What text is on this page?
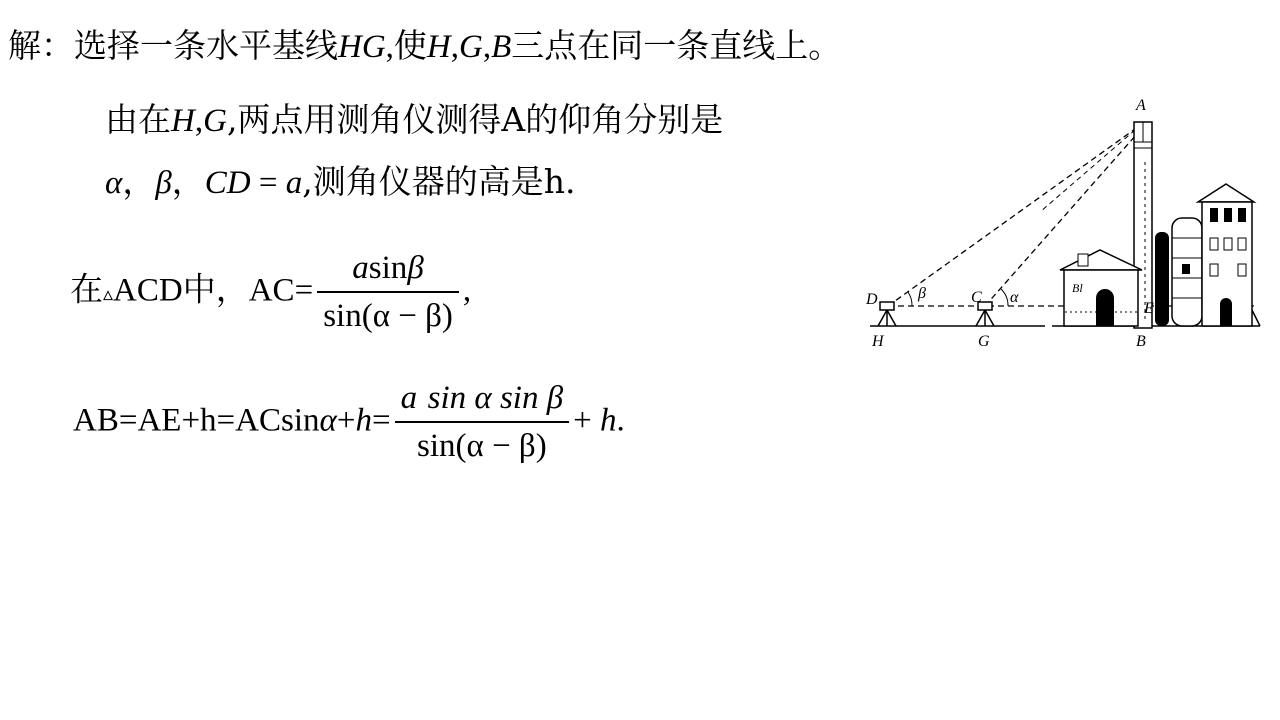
解：选择一条水平基线HG,使H,G,B三点在同一条直线上。
由在H,G,两点用测角仪测得A的仰角分别是
α，β，CD = a,测角仪器的高是h.
在▵ACD中，$AC= \frac{asin\beta}{\sin(\alpha - \beta)}$ ,
$AB=AE+h=ACsin\alpha+h= \frac{\text{a sin α sin β}}{\sin(\alpha - \beta)} + h$.
A
D	β	C α
E
H	G	B
Bl
